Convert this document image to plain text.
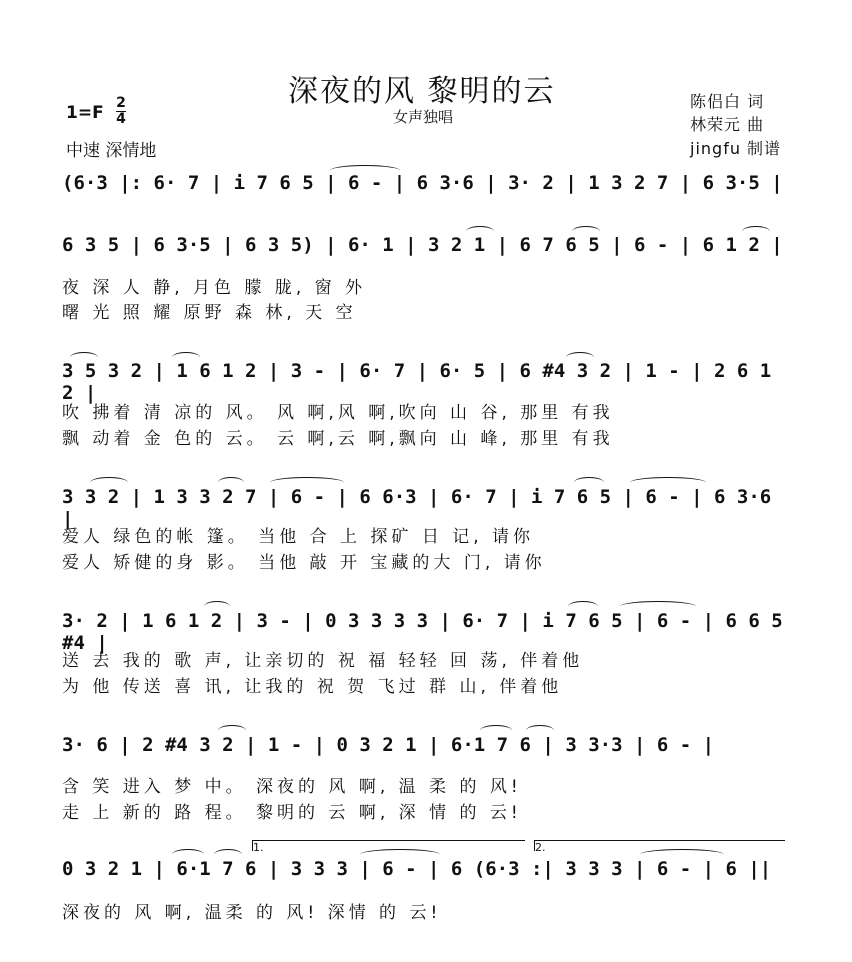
深夜的风 黎明的云
女声独唱
1=F 2
4
中速 深情地
陈侣白 词
林荣元 曲
jingfu 制谱
(6·3 |: 6· 7 | i 7 6 5 | 6 - | 6 3·6 | 3· 2 | 1 3 2 7 | 6 3·5 |
6 3 5 | 6 3·5 | 6 3 5) | 6· 1 | 3 2 1 | 6 7 6 5 | 6 - | 6 1 2 |
夜 深 人 静, 月色 朦 胧, 窗 外
曙 光 照 耀 原野 森 林, 天 空
3 5 3 2 | 1 6 1 2 | 3 - | 6· 7 | 6· 5 | 6 #4 3 2 | 1 - | 2 6 1 2 |
吹 拂着 清 凉的 风。 风 啊,风 啊,吹向 山 谷, 那里 有我
飘 动着 金 色的 云。 云 啊,云 啊,飘向 山 峰, 那里 有我
3 3 2 | 1 3 3 2 7 | 6 - | 6 6·3 | 6· 7 | i 7 6 5 | 6 - | 6 3·6 |
爱人 绿色的帐 篷。 当他 合 上 探矿 日 记, 请你
爱人 矫健的身 影。 当他 敲 开 宝藏的大 门, 请你
3· 2 | 1 6 1 2 | 3 - | 0 3 3 3 3 | 6· 7 | i 7 6 5 | 6 - | 6 6 5 #4 |
送 去 我的 歌 声, 让亲切的 祝 福 轻轻 回 荡, 伴着他
为 他 传送 喜 讯, 让我的 祝 贺 飞过 群 山, 伴着他
3· 6 | 2 #4 3 2 | 1 - | 0 3 2 1 | 6·1 7 6 | 3 3·3 | 6 - |
含 笑 进入 梦 中。 深夜的 风 啊, 温 柔 的 风!
走 上 新的 路 程。 黎明的 云 啊, 深 情 的 云!
1.	2.
0 3 2 1 | 6·1 7 6 | 3 3 3 | 6 - | 6 (6·3 :| 3 3 3 | 6 - | 6 ||
深夜的 风 啊, 温柔 的 风! 深情 的 云!
